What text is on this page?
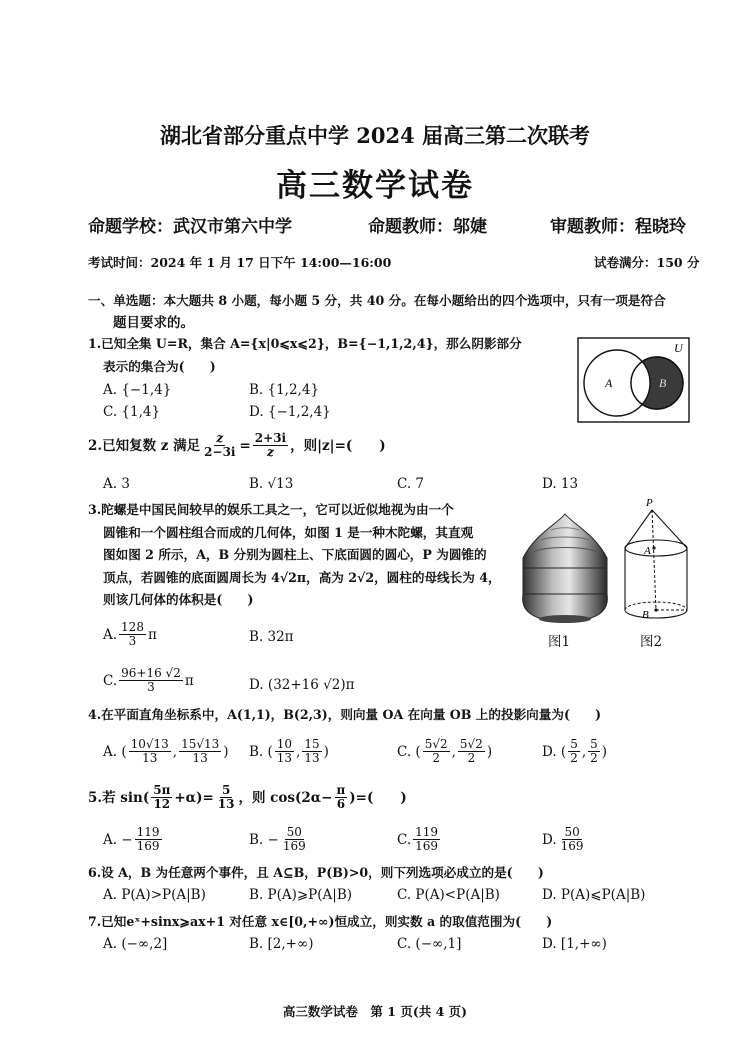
湖北省部分重点中学 2024 届高三第二次联考
高三数学试卷
命题学校：武汉市第六中学	命题教师：邬婕	审题教师：程晓玲
考试时间：2024 年 1 月 17 日下午 14:00—16:00	试卷满分：150 分
一、单选题：本大题共 8 小题，每小题 5 分，共 40 分。在每小题给出的四个选项中，只有一项是符合
题目要求的。
1.已知全集 U=R，集合 A={x|0⩽x⩽2}，B={−1,1,2,4}，那么阴影部分
表示的集合为(　　)
A. {−1,4}	B. {1,2,4}
C. {1,4}	D. {−1,2,4}
U
A	B
2.已知复数 z 满足 $\frac{z}{2-3i} = \frac{2+3i}{z}$ ，则|z|=(　　)
A. 3	B. √13	C. 7	D. 13
3.陀螺是中国民间较早的娱乐工具之一，它可以近似地视为由一个
圆锥和一个圆柱组合而成的几何体，如图 1 是一种木陀螺，其直观
图如图 2 所示，A，B 分别为圆柱上、下底面圆的圆心，P 为圆锥的
顶点，若圆锥的底面圆周长为 4√2π，高为 2√2，圆柱的母线长为 4，
则该几何体的体积是(　　)
A. $\frac{128}{3}$ π	B. 32π
C. $\frac{96+16 √2}{3}$ π	D. (32+16 √2)π
图1
P
A
B
图2
4.在平面直角坐标系中，A(1,1)，B(2,3)，则向量 OA 在向量 OB 上的投影向量为(　　)
A. ( $\frac{10√13}{13}$ , $\frac{15√13}{13}$ ) B. ( $\frac{10}{13}$ , $\frac{15}{13}$ )	C. ( $\frac{5√2}{2}$ , $\frac{5√2}{2}$ )	D. ( $\frac{5}{2}$ , $\frac{5}{2}$ )
5.若 $\sin( \frac{5\pi}{12} +\alpha)= \frac{5}{13}$ ，则 $\cos(2\alpha- \frac{\pi}{6}$ )=(　　)
A. − $\frac{119}{169}$	B. − $\frac{50}{169}$	C. $\frac{119}{169}$	D. $\frac{50}{169}$
6.设 A，B 为任意两个事件，且 A⊆B，P(B)>0，则下列选项必成立的是(　　)
A. P(A)>P(A|B)	B. P(A)⩾P(A|B)	C. P(A)<P(A|B)	D. P(A)⩽P(A|B)
7.已知eˣ+sinx⩾ax+1 对任意 x∈[0,+∞)恒成立，则实数 a 的取值范围为(　　)
A. (−∞,2]	B. [2,+∞)	C. (−∞,1]	D. [1,+∞)
高三数学试卷　第 1 页(共 4 页)
